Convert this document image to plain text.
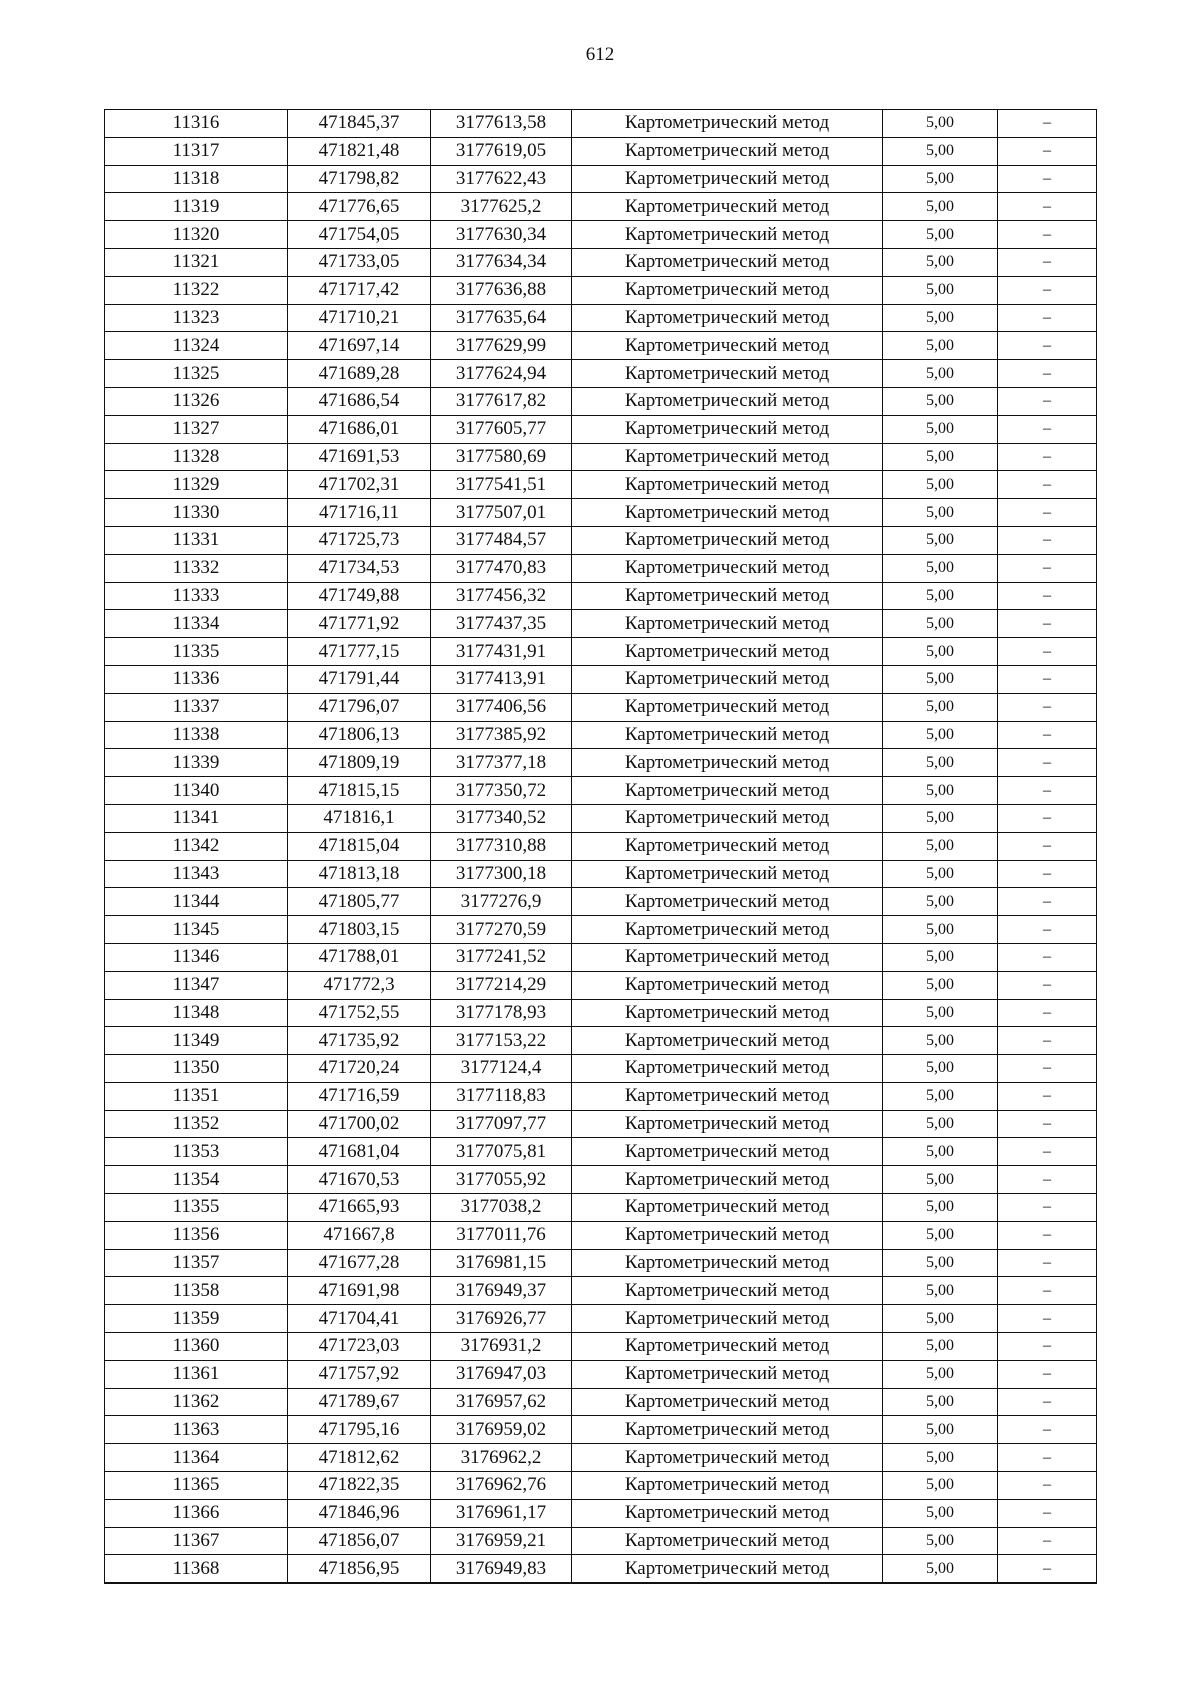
612
11316	471845,37	3177613,58	Картометрический метод	5,00	–
11317	471821,48	3177619,05	Картометрический метод	5,00	–
11318	471798,82	3177622,43	Картометрический метод	5,00	–
11319	471776,65	3177625,2	Картометрический метод	5,00	–
11320	471754,05	3177630,34	Картометрический метод	5,00	–
11321	471733,05	3177634,34	Картометрический метод	5,00	–
11322	471717,42	3177636,88	Картометрический метод	5,00	–
11323	471710,21	3177635,64	Картометрический метод	5,00	–
11324	471697,14	3177629,99	Картометрический метод	5,00	–
11325	471689,28	3177624,94	Картометрический метод	5,00	–
11326	471686,54	3177617,82	Картометрический метод	5,00	–
11327	471686,01	3177605,77	Картометрический метод	5,00	–
11328	471691,53	3177580,69	Картометрический метод	5,00	–
11329	471702,31	3177541,51	Картометрический метод	5,00	–
11330	471716,11	3177507,01	Картометрический метод	5,00	–
11331	471725,73	3177484,57	Картометрический метод	5,00	–
11332	471734,53	3177470,83	Картометрический метод	5,00	–
11333	471749,88	3177456,32	Картометрический метод	5,00	–
11334	471771,92	3177437,35	Картометрический метод	5,00	–
11335	471777,15	3177431,91	Картометрический метод	5,00	–
11336	471791,44	3177413,91	Картометрический метод	5,00	–
11337	471796,07	3177406,56	Картометрический метод	5,00	–
11338	471806,13	3177385,92	Картометрический метод	5,00	–
11339	471809,19	3177377,18	Картометрический метод	5,00	–
11340	471815,15	3177350,72	Картометрический метод	5,00	–
11341	471816,1	3177340,52	Картометрический метод	5,00	–
11342	471815,04	3177310,88	Картометрический метод	5,00	–
11343	471813,18	3177300,18	Картометрический метод	5,00	–
11344	471805,77	3177276,9	Картометрический метод	5,00	–
11345	471803,15	3177270,59	Картометрический метод	5,00	–
11346	471788,01	3177241,52	Картометрический метод	5,00	–
11347	471772,3	3177214,29	Картометрический метод	5,00	–
11348	471752,55	3177178,93	Картометрический метод	5,00	–
11349	471735,92	3177153,22	Картометрический метод	5,00	–
11350	471720,24	3177124,4	Картометрический метод	5,00	–
11351	471716,59	3177118,83	Картометрический метод	5,00	–
11352	471700,02	3177097,77	Картометрический метод	5,00	–
11353	471681,04	3177075,81	Картометрический метод	5,00	–
11354	471670,53	3177055,92	Картометрический метод	5,00	–
11355	471665,93	3177038,2	Картометрический метод	5,00	–
11356	471667,8	3177011,76	Картометрический метод	5,00	–
11357	471677,28	3176981,15	Картометрический метод	5,00	–
11358	471691,98	3176949,37	Картометрический метод	5,00	–
11359	471704,41	3176926,77	Картометрический метод	5,00	–
11360	471723,03	3176931,2	Картометрический метод	5,00	–
11361	471757,92	3176947,03	Картометрический метод	5,00	–
11362	471789,67	3176957,62	Картометрический метод	5,00	–
11363	471795,16	3176959,02	Картометрический метод	5,00	–
11364	471812,62	3176962,2	Картометрический метод	5,00	–
11365	471822,35	3176962,76	Картометрический метод	5,00	–
11366	471846,96	3176961,17	Картометрический метод	5,00	–
11367	471856,07	3176959,21	Картометрический метод	5,00	–
11368	471856,95	3176949,83	Картометрический метод	5,00	–
